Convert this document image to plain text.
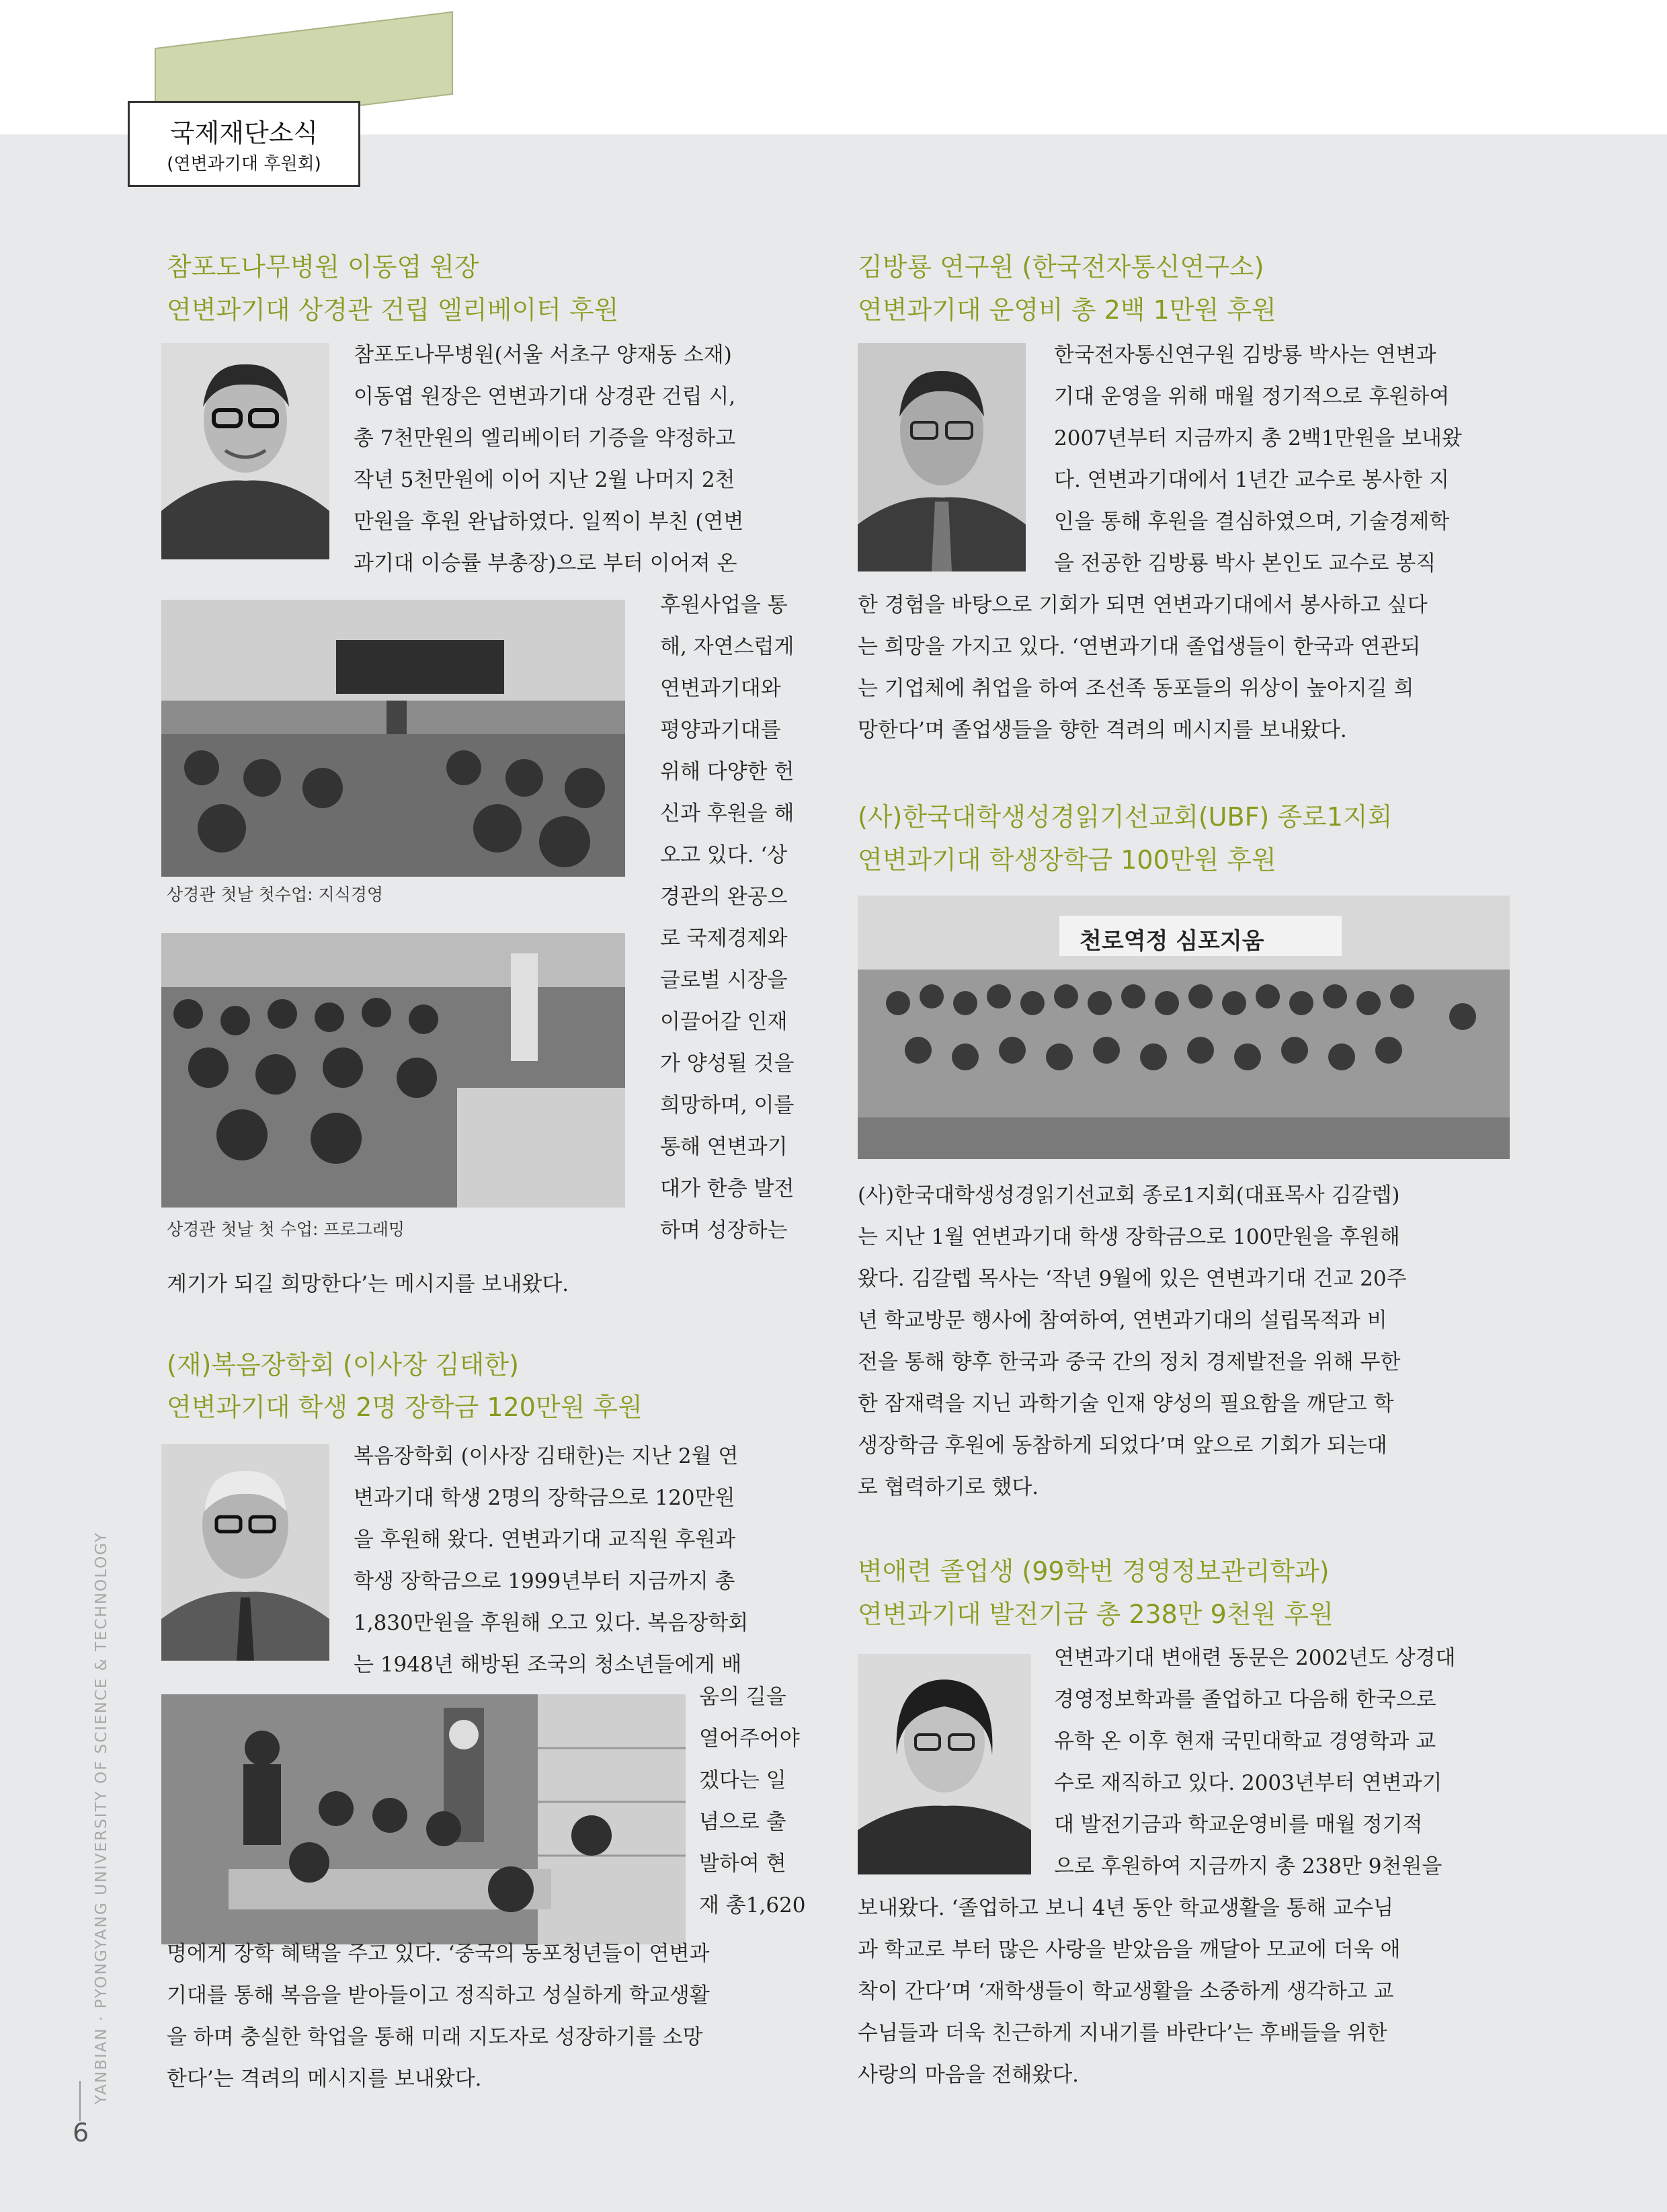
국제재단소식
(연변과기대 후원회)
참포도나무병원 이동엽 원장
연변과기대 상경관 건립 엘리베이터 후원
참포도나무병원(서울 서초구 양재동 소재)
이동엽 원장은 연변과기대 상경관 건립 시,
총 7천만원의 엘리베이터 기증을 약정하고
작년 5천만원에 이어 지난 2월 나머지 2천
만원을 후원 완납하였다. 일찍이 부친 (연변
과기대 이승률 부총장)으로 부터 이어져 온
상경관 첫날 첫수업: 지식경영
상경관 첫날 첫 수업: 프로그래밍
후원사업을 통
해, 자연스럽게
연변과기대와
평양과기대를
위해 다양한 헌
신과 후원을 해
오고 있다. ‘상
경관의 완공으
로 국제경제와
글로벌 시장을
이끌어갈 인재
가 양성될 것을
희망하며, 이를
통해 연변과기
대가 한층 발전
하며 성장하는
계기가 되길 희망한다’는 메시지를 보내왔다.
(재)복음장학회 (이사장 김태한)
연변과기대 학생 2명 장학금 120만원 후원
복음장학회 (이사장 김태한)는 지난 2월 연
변과기대 학생 2명의 장학금으로 120만원
을 후원해 왔다. 연변과기대 교직원 후원과
학생 장학금으로 1999년부터 지금까지 총
1,830만원을 후원해 오고 있다. 복음장학회
는 1948년 해방된 조국의 청소년들에게 배
움의 길을
열어주어야
겠다는 일
념으로 출
발하여 현
재 총1,620
명에게 장학 혜택을 주고 있다. ‘중국의 동포청년들이 연변과
기대를 통해 복음을 받아들이고 정직하고 성실하게 학교생활
을 하며 충실한 학업을 통해 미래 지도자로 성장하기를 소망
한다’는 격려의 메시지를 보내왔다.
김방룡 연구원 (한국전자통신연구소)
연변과기대 운영비 총 2백 1만원 후원
한국전자통신연구원 김방룡 박사는 연변과
기대 운영을 위해 매월 정기적으로 후원하여
2007년부터 지금까지 총 2백1만원을 보내왔
다. 연변과기대에서 1년간 교수로 봉사한 지
인을 통해 후원을 결심하였으며, 기술경제학
을 전공한 김방룡 박사 본인도 교수로 봉직
한 경험을 바탕으로 기회가 되면 연변과기대에서 봉사하고 싶다
는 희망을 가지고 있다. ‘연변과기대 졸업생들이 한국과 연관되
는 기업체에 취업을 하여 조선족 동포들의 위상이 높아지길 희
망한다’며 졸업생들을 향한 격려의 메시지를 보내왔다.
(사)한국대학생성경읽기선교회(UBF) 종로1지회
연변과기대 학생장학금 100만원 후원
천로역정 심포지움
(사)한국대학생성경읽기선교회 종로1지회(대표목사 김갈렙)
는 지난 1월 연변과기대 학생 장학금으로 100만원을 후원해
왔다. 김갈렙 목사는 ‘작년 9월에 있은 연변과기대 건교 20주
년 학교방문 행사에 참여하여, 연변과기대의 설립목적과 비
전을 통해 향후 한국과 중국 간의 정치 경제발전을 위해 무한
한 잠재력을 지닌 과학기술 인재 양성의 필요함을 깨닫고 학
생장학금 후원에 동참하게 되었다’며 앞으로 기회가 되는대
로 협력하기로 했다.
변애련 졸업생 (99학번 경영정보관리학과)
연변과기대 발전기금 총 238만 9천원 후원
연변과기대 변애련 동문은 2002년도 상경대
경영정보학과를 졸업하고 다음해 한국으로
유학 온 이후 현재 국민대학교 경영학과 교
수로 재직하고 있다. 2003년부터 연변과기
대 발전기금과 학교운영비를 매월 정기적
으로 후원하여 지금까지 총 238만 9천원을
보내왔다. ‘졸업하고 보니 4년 동안 학교생활을 통해 교수님
과 학교로 부터 많은 사랑을 받았음을 깨달아 모교에 더욱 애
착이 간다’며 ‘재학생들이 학교생활을 소중하게 생각하고 교
수님들과 더욱 친근하게 지내기를 바란다’는 후배들을 위한
사랑의 마음을 전해왔다.
YANBIAN · PYONGYANG UNIVERSITY OF SCIENCE & TECHNOLOGY
6
